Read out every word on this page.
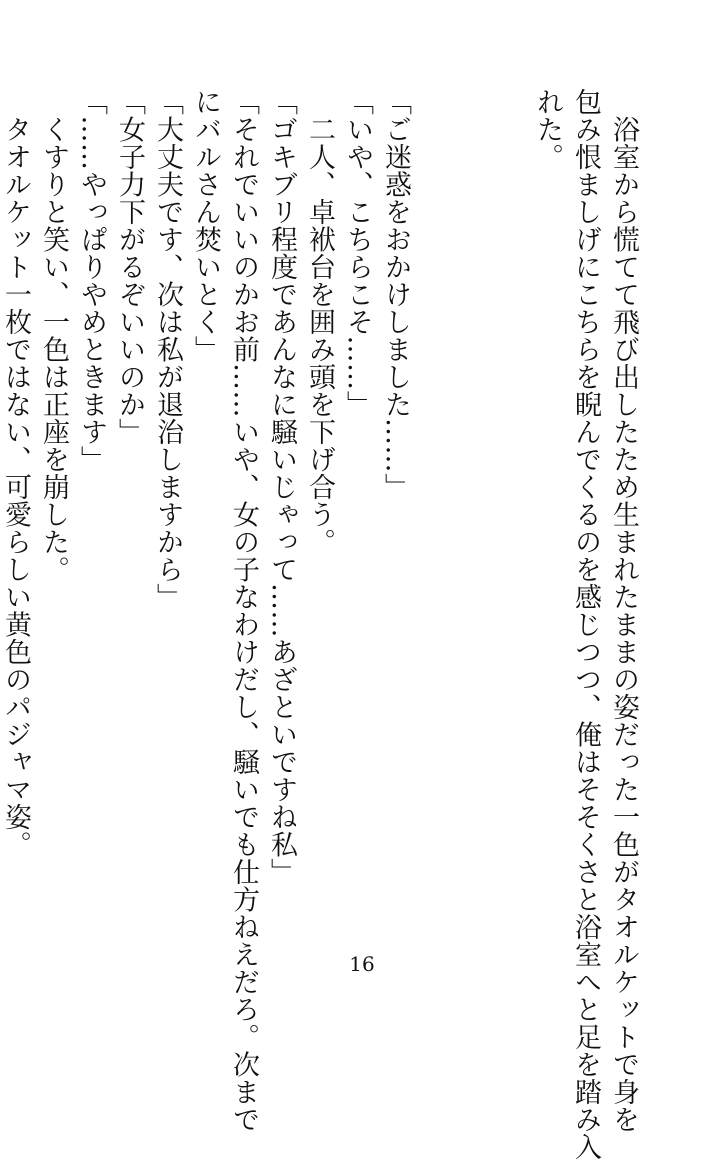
　浴室から慌てて飛び出したため生まれたままの姿だった一色がタオルケットで身を
包み恨ましげにこちらを睨んでくるのを感じつつ、俺はそそくさと浴室へと足を踏み入
れた。
「ご迷惑をおかけしました……」
「いや、こちらこそ……」
　二人、卓袱台を囲み頭を下げ合う。
「ゴキブリ程度であんなに騒いじゃって……あざといですね私」
「それでいいのかお前……いや、女の子なわけだし、騒いでも仕方ねえだろ。次まで
にバルさん焚いとく」
「大丈夫です、次は私が退治しますから」
「女子力下がるぞいいのか」
「……やっぱりやめときます」
　くすりと笑い、一色は正座を崩した。
　タオルケット一枚ではない、可愛らしい黄色のパジャマ姿。
16
